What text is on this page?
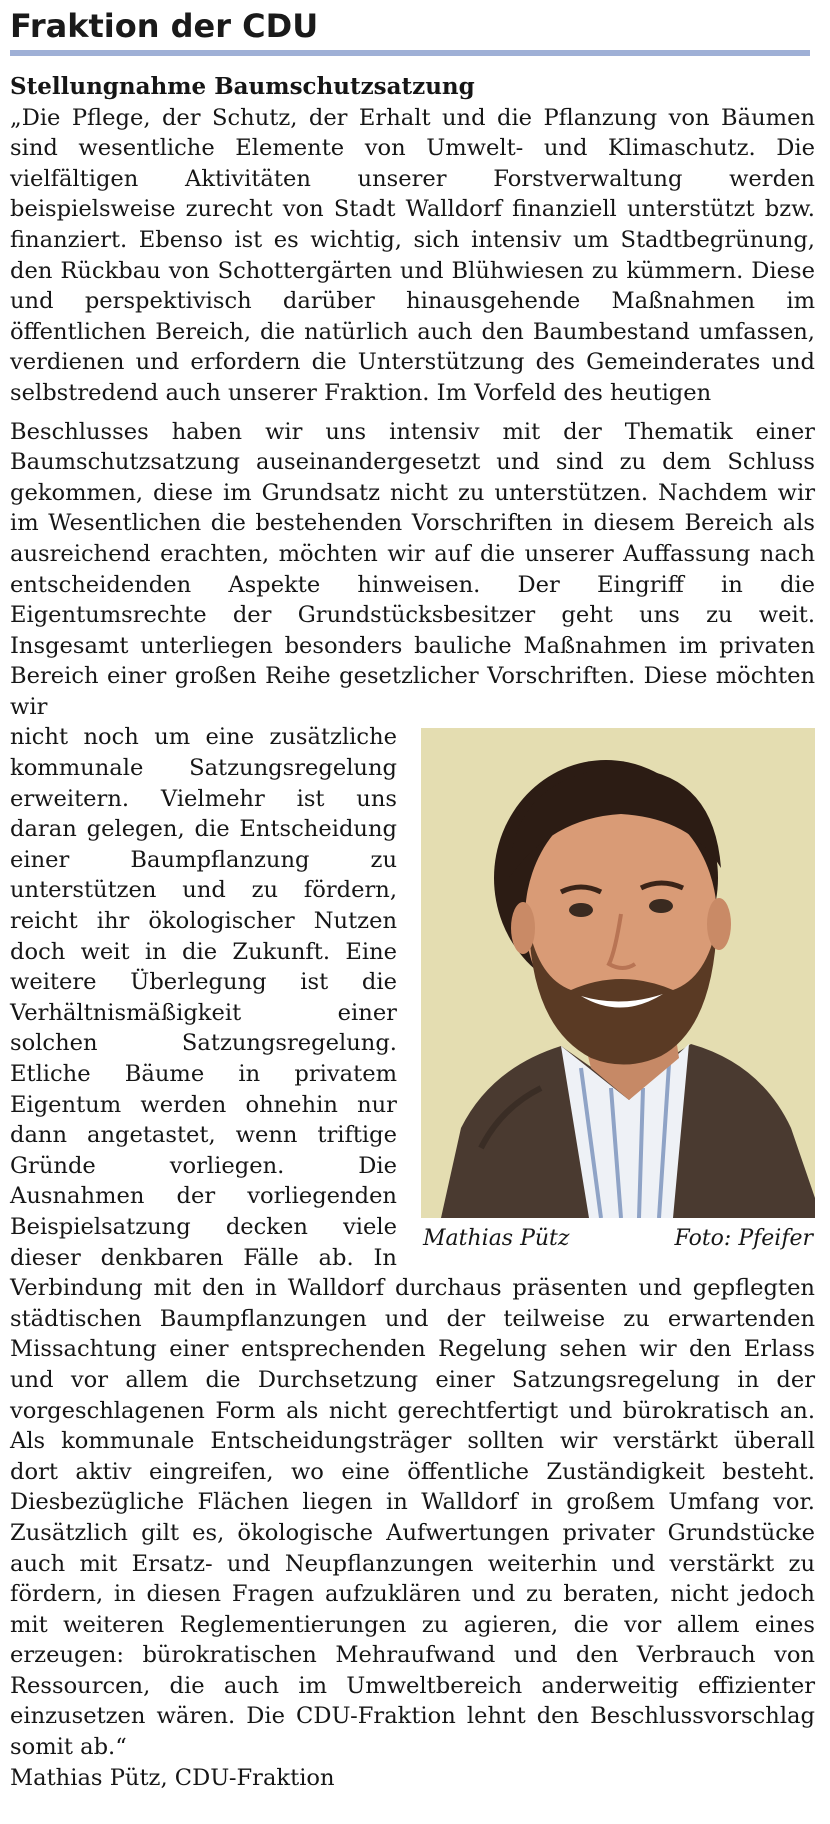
Fraktion der CDU

Stellungnahme Baumschutzsatzung

„Die Pflege, der Schutz, der Erhalt und die Pflanzung von Bäumen sind wesentliche Elemente von Umwelt- und Klimaschutz. Die vielfältigen Aktivitäten unserer Forstverwaltung werden beispielsweise zurecht von Stadt Walldorf finanziell unterstützt bzw. finanziert. Ebenso ist es wichtig, sich intensiv um Stadtbegrünung, den Rückbau von Schottergärten und Blühwiesen zu kümmern. Diese und perspektivisch darüber hinausgehende Maßnahmen im öffentlichen Bereich, die natürlich auch den Baumbestand umfassen, verdienen und erfordern die Unterstützung des Gemeinderates und selbstredend auch unserer Fraktion. Im Vorfeld des heutigen

Beschlusses haben wir uns intensiv mit der Thematik einer Baumschutzsatzung auseinandergesetzt und sind zu dem Schluss gekommen, diese im Grundsatz nicht zu unterstützen. Nachdem wir im Wesentlichen die bestehenden Vorschriften in diesem Bereich als ausreichend erachten, möchten wir auf die unserer Auffassung nach entscheidenden Aspekte hinweisen. Der Eingriff in die Eigentumsrechte der Grundstücksbesitzer geht uns zu weit. Insgesamt unterliegen besonders bauliche Maßnahmen im privaten Bereich einer großen Reihe gesetzlicher Vorschriften. Diese möchten wir

Mathias Pütz	Foto: Pfeifer

nicht noch um eine zusätzliche kommunale Satzungsregelung erweitern. Vielmehr ist uns daran gelegen, die Entscheidung einer Baumpflanzung zu unterstützen und zu fördern, reicht ihr ökologischer Nutzen doch weit in die Zukunft. Eine weitere Überlegung ist die Verhältnismäßigkeit einer solchen Satzungsregelung. Etliche Bäume in privatem Eigentum werden ohnehin nur dann angetastet, wenn triftige Gründe vorliegen. Die Ausnahmen der vorliegenden Beispielsatzung decken viele dieser denkbaren Fälle ab. In Verbindung mit den in Walldorf durchaus präsenten und gepflegten städtischen Baumpflanzungen und der teilweise zu erwartenden Missachtung einer entsprechenden Regelung sehen wir den Erlass und vor allem die Durchsetzung einer Satzungsregelung in der vorgeschlagenen Form als nicht gerechtfertigt und bürokratisch an. Als kommunale Entscheidungsträger sollten wir verstärkt überall dort aktiv eingreifen, wo eine öffentliche Zuständigkeit besteht. Diesbezügliche Flächen liegen in Walldorf in großem Umfang vor. Zusätzlich gilt es, ökologische Aufwertungen privater Grundstücke auch mit Ersatz- und Neupflanzungen weiterhin und verstärkt zu fördern, in diesen Fragen aufzuklären und zu beraten, nicht jedoch mit weiteren Reglementierungen zu agieren, die vor allem eines erzeugen: bürokratischen Mehraufwand und den Verbrauch von Ressourcen, die auch im Umweltbereich anderweitig effizienter einzusetzen wären. Die CDU-Fraktion lehnt den Beschlussvorschlag somit ab.“

Mathias Pütz, CDU-Fraktion
